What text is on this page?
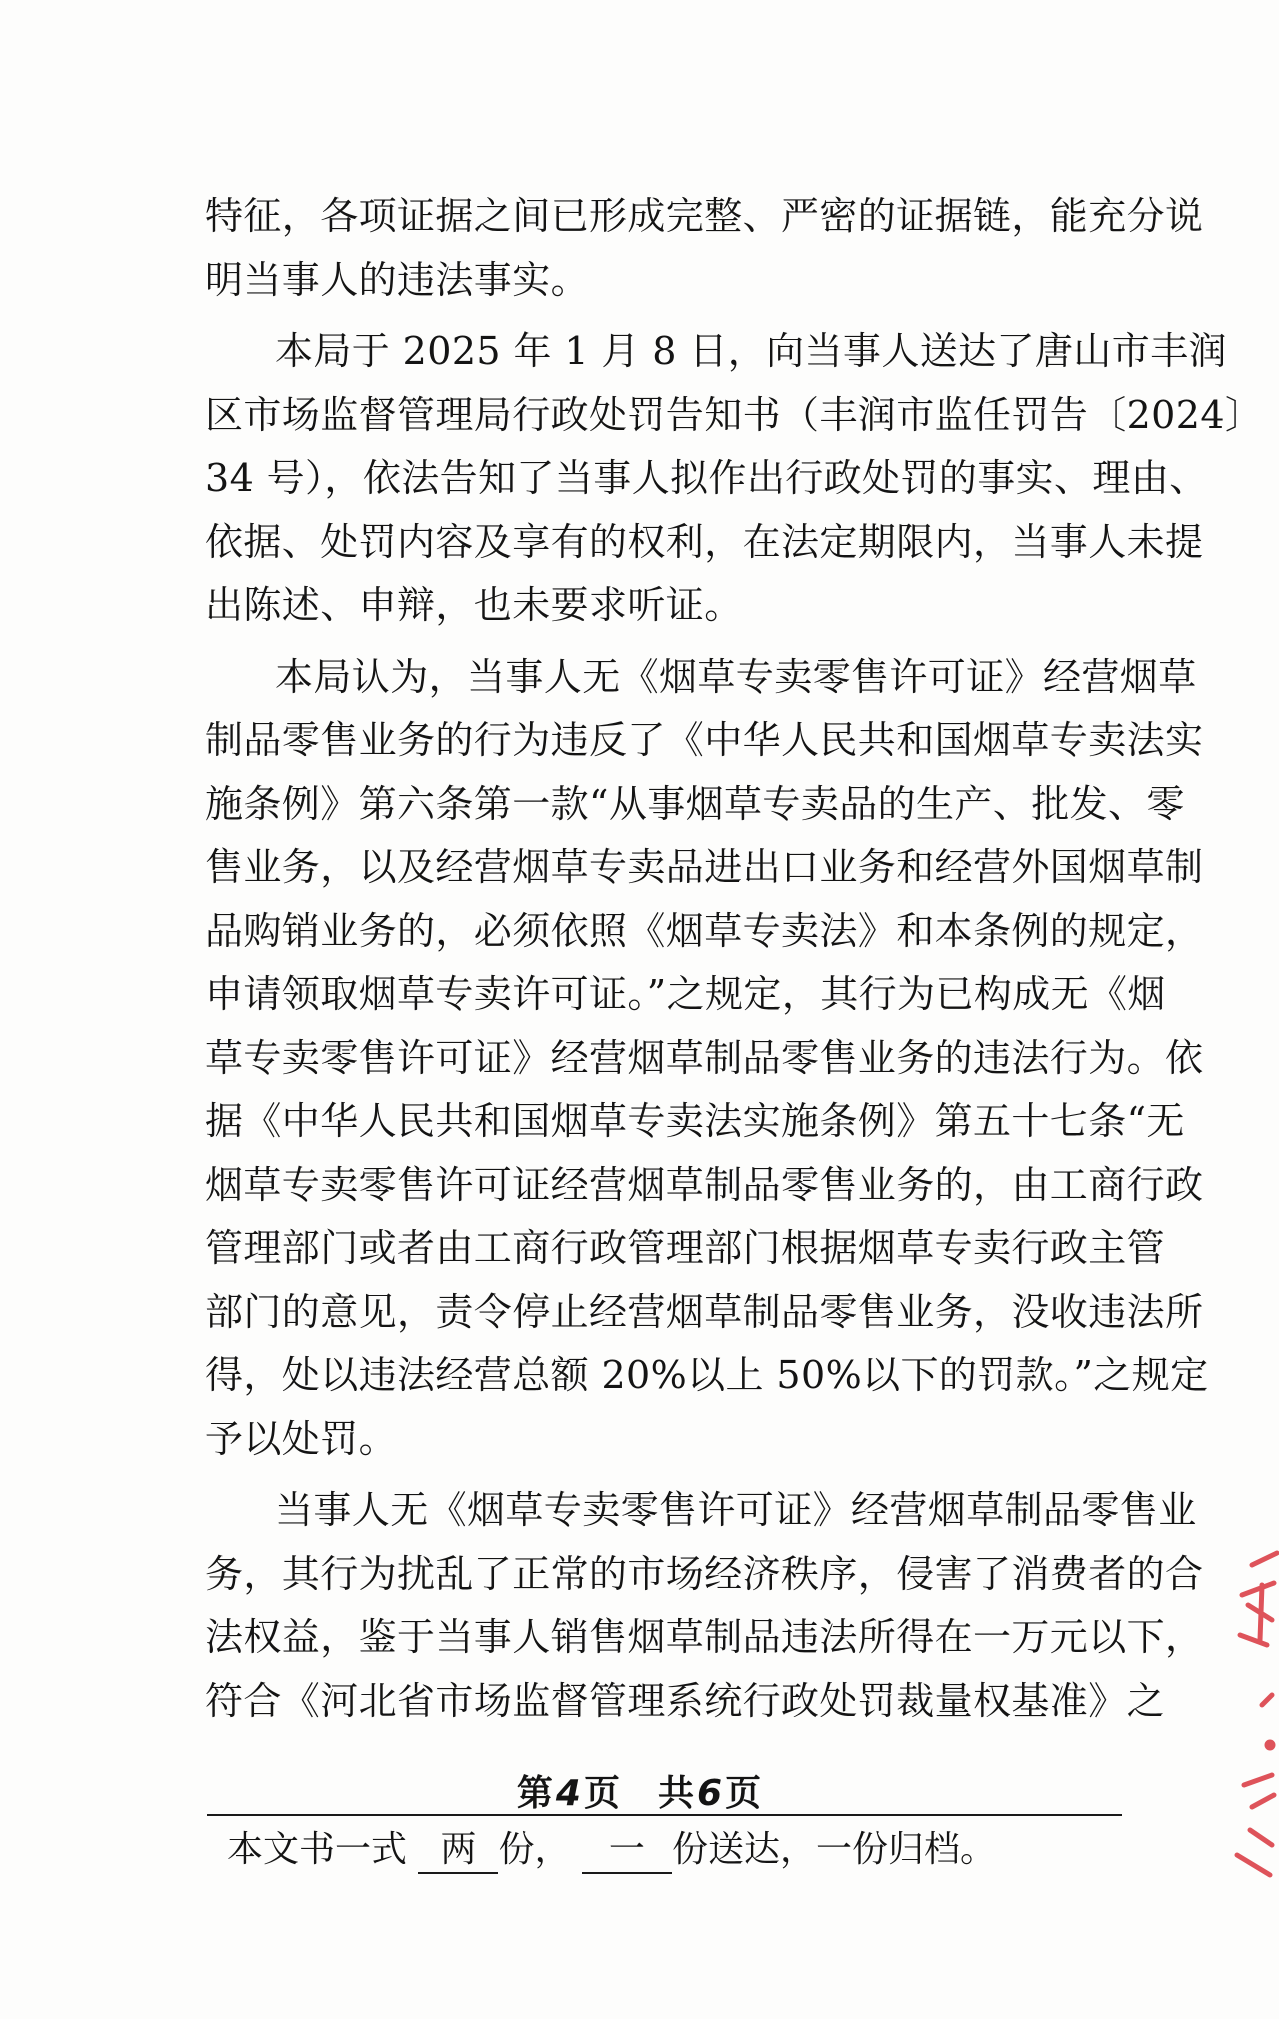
特征，各项证据之间已形成完整、严密的证据链，能充分说
明当事人的违法事实。
本局于 2025 年 1 月 8 日，向当事人送达了唐山市丰润
区市场监督管理局行政处罚告知书（丰润市监任罚告〔2024〕
34 号），依法告知了当事人拟作出行政处罚的事实、理由、
依据、处罚内容及享有的权利，在法定期限内，当事人未提
出陈述、申辩，也未要求听证。
本局认为，当事人无《烟草专卖零售许可证》经营烟草
制品零售业务的行为违反了《中华人民共和国烟草专卖法实
施条例》第六条第一款“从事烟草专卖品的生产、批发、零
售业务，以及经营烟草专卖品进出口业务和经营外国烟草制
品购销业务的，必须依照《烟草专卖法》和本条例的规定，
申请领取烟草专卖许可证。”之规定，其行为已构成无《烟
草专卖零售许可证》经营烟草制品零售业务的违法行为。依
据《中华人民共和国烟草专卖法实施条例》第五十七条“无
烟草专卖零售许可证经营烟草制品零售业务的，由工商行政
管理部门或者由工商行政管理部门根据烟草专卖行政主管
部门的意见，责令停止经营烟草制品零售业务，没收违法所
得，处以违法经营总额 20%以上 50%以下的罚款。”之规定
予以处罚。
当事人无《烟草专卖零售许可证》经营烟草制品零售业
务，其行为扰乱了正常的市场经济秩序，侵害了消费者的合
法权益，鉴于当事人销售烟草制品违法所得在一万元以下，
符合《河北省市场监督管理系统行政处罚裁量权基准》之
第4页　共6页
本文书一式 两 份， 一 份送达，一份归档。
